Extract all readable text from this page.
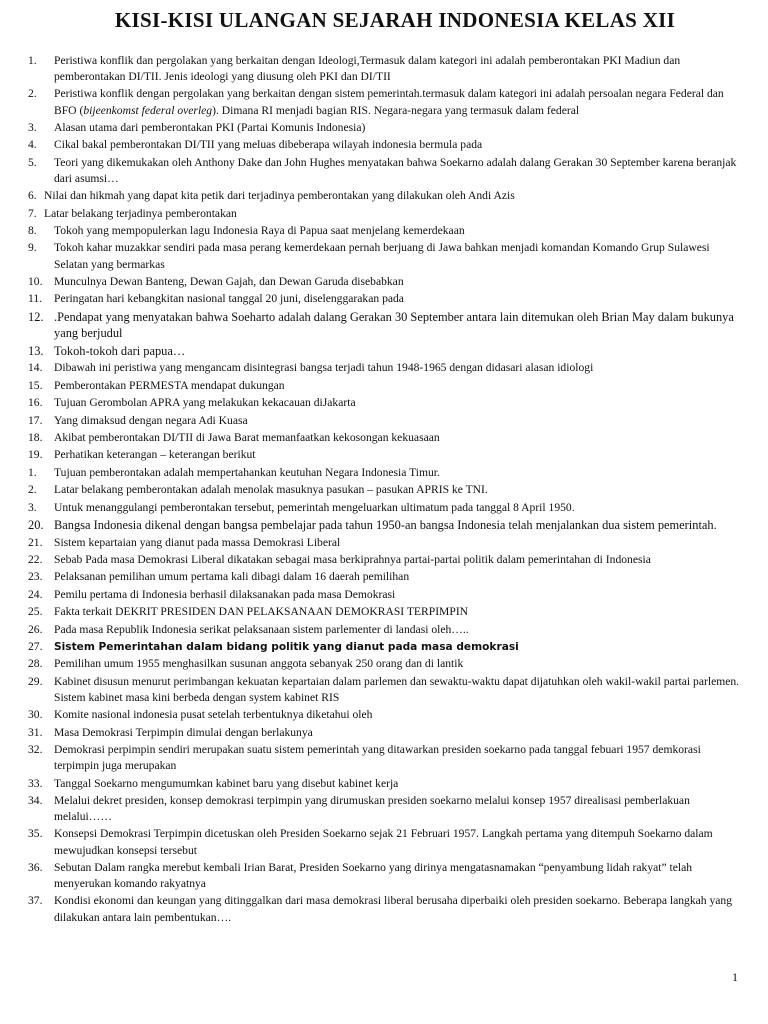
KISI-KISI ULANGAN SEJARAH INDONESIA KELAS XII
1. Peristiwa konflik dan pergolakan yang berkaitan dengan Ideologi,Termasuk dalam kategori ini adalah pemberontakan PKI Madiun dan pemberontakan DI/TII. Jenis ideologi yang diusung oleh PKI dan DI/TII
2. Peristiwa konflik dengan pergolakan yang berkaitan dengan sistem pemerintah.termasuk dalam kategori ini adalah persoalan negara Federal dan BFO (bijeenkomst federal overleg). Dimana RI menjadi bagian RIS. Negara-negara yang termasuk dalam federal
3. Alasan utama dari pemberontakan PKI (Partai Komunis Indonesia)
4. Cikal bakal pemberontakan DI/TII yang meluas dibeberapa wilayah indonesia bermula pada
5. Teori yang dikemukakan oleh Anthony Dake dan John Hughes menyatakan bahwa Soekarno adalah dalang Gerakan 30 September karena beranjak dari asumsi…
6. Nilai dan hikmah yang dapat kita petik dari terjadinya pemberontakan yang dilakukan oleh Andi Azis
7. Latar belakang terjadinya pemberontakan
8. Tokoh yang mempopulerkan lagu Indonesia Raya di Papua saat menjelang kemerdekaan
9. Tokoh kahar muzakkar sendiri pada masa perang kemerdekaan pernah berjuang di Jawa bahkan menjadi komandan Komando Grup Sulawesi Selatan yang bermarkas
10. Munculnya Dewan Banteng, Dewan Gajah, dan Dewan Garuda disebabkan
11. Peringatan hari kebangkitan nasional tanggal 20 juni, diselenggarakan pada
12. .Pendapat yang menyatakan bahwa Soeharto adalah dalang Gerakan 30 September antara lain ditemukan oleh Brian May dalam bukunya yang berjudul
13. Tokoh-tokoh dari papua…
14. Dibawah ini peristiwa yang mengancam disintegrasi bangsa terjadi tahun 1948-1965 dengan didasari alasan idiologi
15. Pemberontakan PERMESTA mendapat dukungan
16. Tujuan Gerombolan APRA yang melakukan kekacauan diJakarta
17. Yang dimaksud dengan negara Adi Kuasa
18. Akibat pemberontakan DI/TII di Jawa Barat memanfaatkan kekosongan kekuasaan
19. Perhatikan keterangan – keterangan berikut
1. Tujuan pemberontakan adalah mempertahankan keutuhan Negara Indonesia Timur.
2. Latar belakang pemberontakan adalah menolak masuknya pasukan – pasukan APRIS ke TNI.
3. Untuk menanggulangi pemberontakan tersebut, pemerintah mengeluarkan ultimatum pada tanggal 8 April 1950.
20. Bangsa Indonesia dikenal dengan bangsa pembelajar pada tahun 1950-an bangsa Indonesia telah menjalankan dua sistem pemerintah.
21. Sistem kepartaian yang dianut pada massa Demokrasi Liberal
22. Sebab Pada masa Demokrasi Liberal dikatakan sebagai masa berkiprahnya partai-partai politik dalam pemerintahan di Indonesia
23. Pelaksanan pemilihan umum pertama kali dibagi dalam 16 daerah pemilihan
24. Pemilu pertama di Indonesia berhasil dilaksanakan pada masa Demokrasi
25. Fakta terkait DEKRIT PRESIDEN DAN PELAKSANAAN DEMOKRASI TERPIMPIN
26. Pada masa Republik Indonesia serikat pelaksanaan sistem parlementer di landasi oleh…..
27. Sistem Pemerintahan dalam bidang politik yang dianut pada masa demokrasi
28. Pemilihan umum 1955 menghasilkan susunan anggota sebanyak 250 orang dan di lantik
29. Kabinet disusun menurut perimbangan kekuatan kepartaian dalam parlemen dan sewaktu-waktu dapat dijatuhkan oleh wakil-wakil partai parlemen. Sistem kabinet masa kini berbeda dengan system kabinet RIS
30. Komite nasional indonesia pusat setelah terbentuknya diketahui oleh
31. Masa Demokrasi Terpimpin dimulai dengan berlakunya
32. Demokrasi perpimpin sendiri merupakan suatu sistem pemerintah yang ditawarkan presiden soekarno pada tanggal febuari 1957 demkorasi terpimpin juga merupakan
33. Tanggal Soekarno mengumumkan kabinet baru yang disebut kabinet kerja
34. Melalui dekret presiden, konsep demokrasi terpimpin yang dirumuskan presiden soekarno melalui konsep 1957 direalisasi pemberlakuan melalui……
35. Konsepsi Demokrasi Terpimpin dicetuskan oleh Presiden Soekarno sejak 21 Februari 1957. Langkah pertama yang ditempuh Soekarno dalam mewujudkan konsepsi tersebut
36. Sebutan Dalam rangka merebut kembali Irian Barat, Presiden Soekarno yang dirinya mengatasnamakan “penyambung lidah rakyat” telah menyerukan komando rakyatnya
37. Kondisi ekonomi dan keungan yang ditinggalkan dari masa demokrasi liberal berusaha diperbaiki oleh presiden soekarno. Beberapa langkah yang dilakukan antara lain pembentukan….
1
